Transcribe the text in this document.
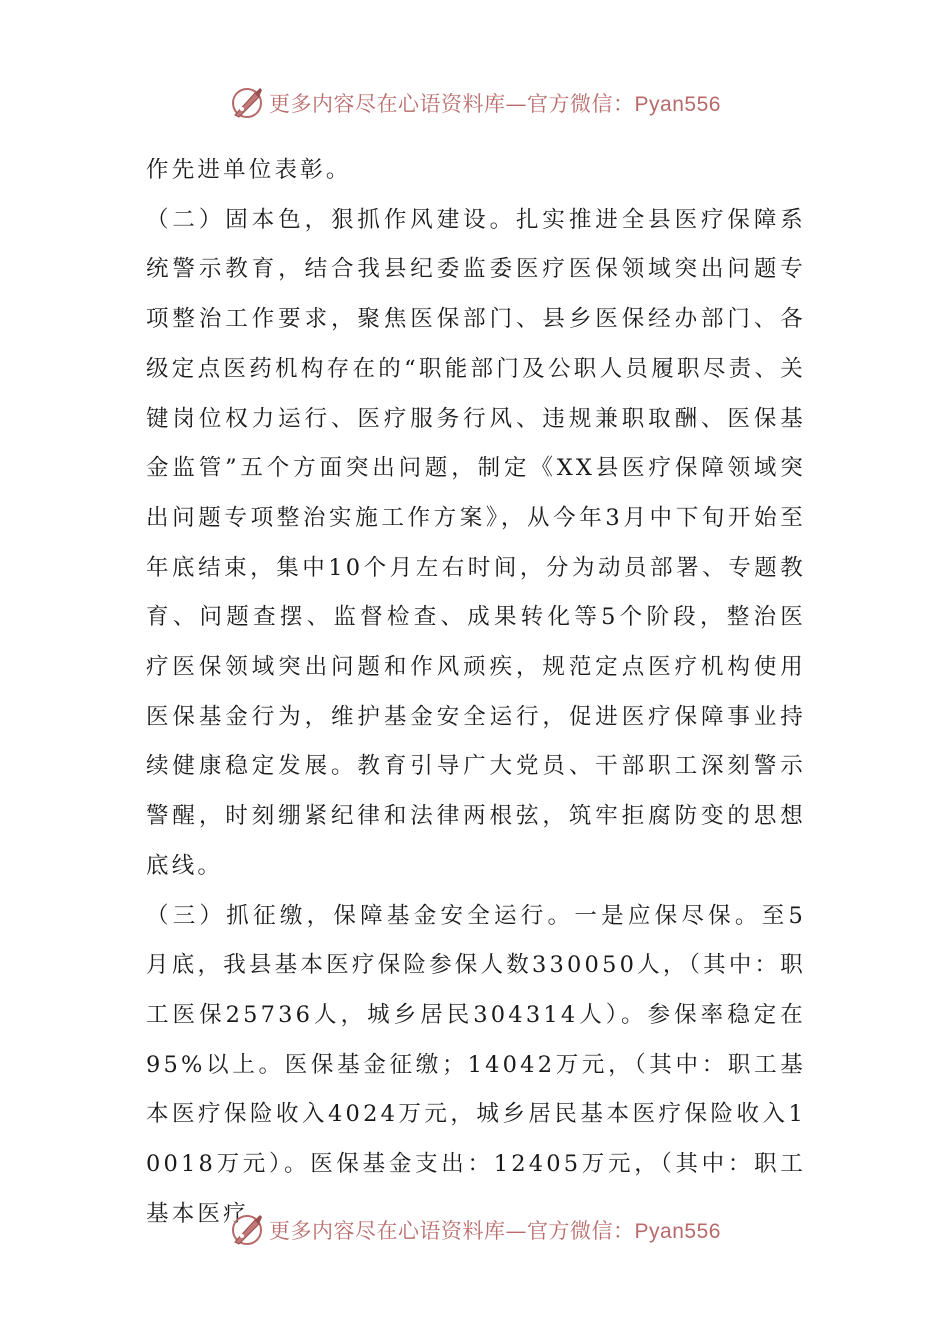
更多内容尽在心语资料库—官方微信：Pyan556

作先进单位表彰。

（二）固本色，狠抓作风建设。扎实推进全县医疗保障系统警示教育，结合我县纪委监委医疗医保领域突出问题专项整治工作要求，聚焦医保部门、县乡医保经办部门、各级定点医药机构存在的“职能部门及公职人员履职尽责、关键岗位权力运行、医疗服务行风、违规兼职取酬、医保基金监管”五个方面突出问题，制定《XX县医疗保障领域突出问题专项整治实施工作方案》，从今年3月中下旬开始至年底结束，集中10个月左右时间，分为动员部署、专题教育、问题查摆、监督检查、成果转化等5个阶段，整治医疗医保领域突出问题和作风顽疾，规范定点医疗机构使用医保基金行为，维护基金安全运行，促进医疗保障事业持续健康稳定发展。教育引导广大党员、干部职工深刻警示警醒，时刻绷紧纪律和法律两根弦，筑牢拒腐防变的思想底线。

（三）抓征缴，保障基金安全运行。一是应保尽保。至5月底，我县基本医疗保险参保人数330050人，（其中：职工医保25736人，城乡居民304314人）。参保率稳定在95%以上。医保基金征缴；14042万元，（其中：职工基本医疗保险收入4024万元，城乡居民基本医疗保险收入10018万元）。医保基金支出：12405万元，（其中：职工基本医疗

更多内容尽在心语资料库—官方微信：Pyan556
